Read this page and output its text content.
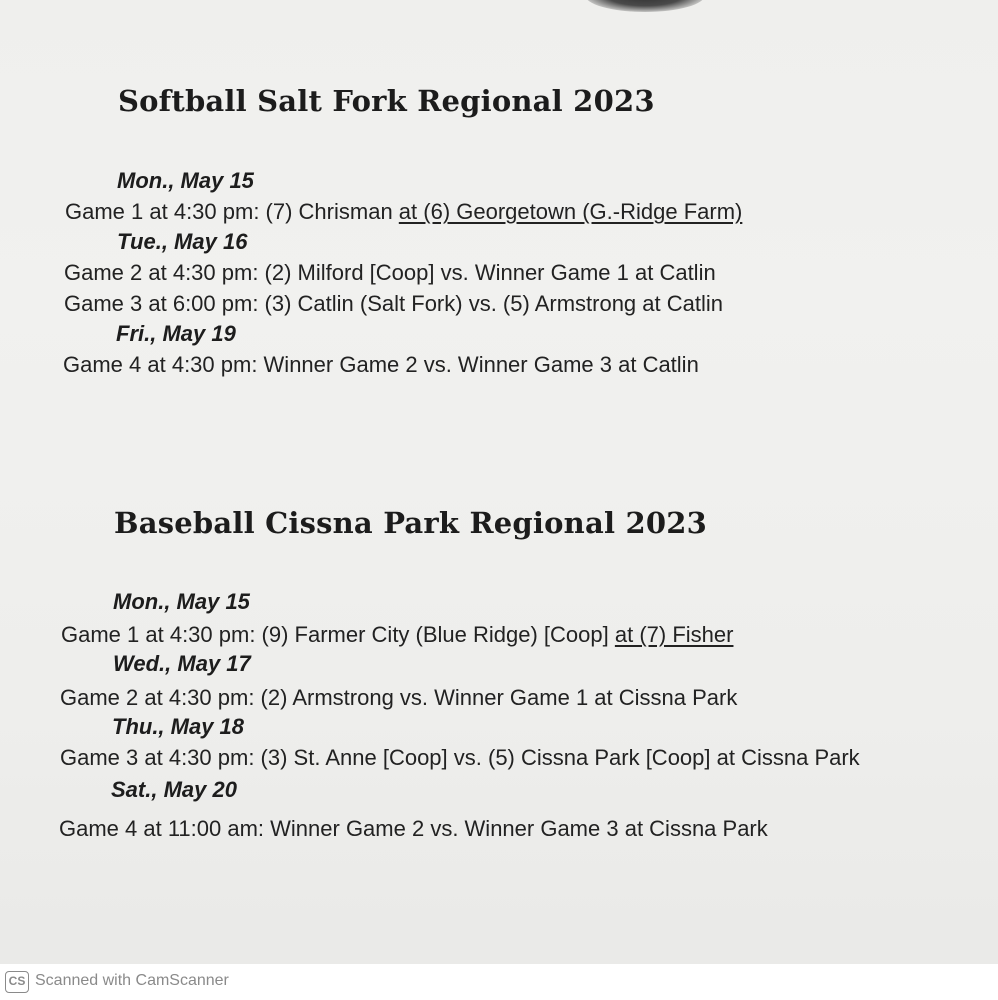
Softball Salt Fork Regional 2023
Mon., May 15
Game 1 at 4:30 pm: (7) Chrisman at (6) Georgetown (G.-Ridge Farm)
Tue., May 16
Game 2 at 4:30 pm: (2) Milford [Coop] vs. Winner Game 1 at Catlin
Game 3 at 6:00 pm: (3) Catlin (Salt Fork) vs. (5) Armstrong at Catlin
Fri., May 19
Game 4 at 4:30 pm: Winner Game 2 vs. Winner Game 3 at Catlin
Baseball Cissna Park Regional 2023
Mon., May 15
Game 1 at 4:30 pm: (9) Farmer City (Blue Ridge) [Coop] at (7) Fisher
Wed., May 17
Game 2 at 4:30 pm: (2) Armstrong vs. Winner Game 1 at Cissna Park
Thu., May 18
Game 3 at 4:30 pm: (3) St. Anne [Coop] vs. (5) Cissna Park [Coop] at Cissna Park
Sat., May 20
Game 4 at 11:00 am: Winner Game 2 vs. Winner Game 3 at Cissna Park
CS Scanned with CamScanner
